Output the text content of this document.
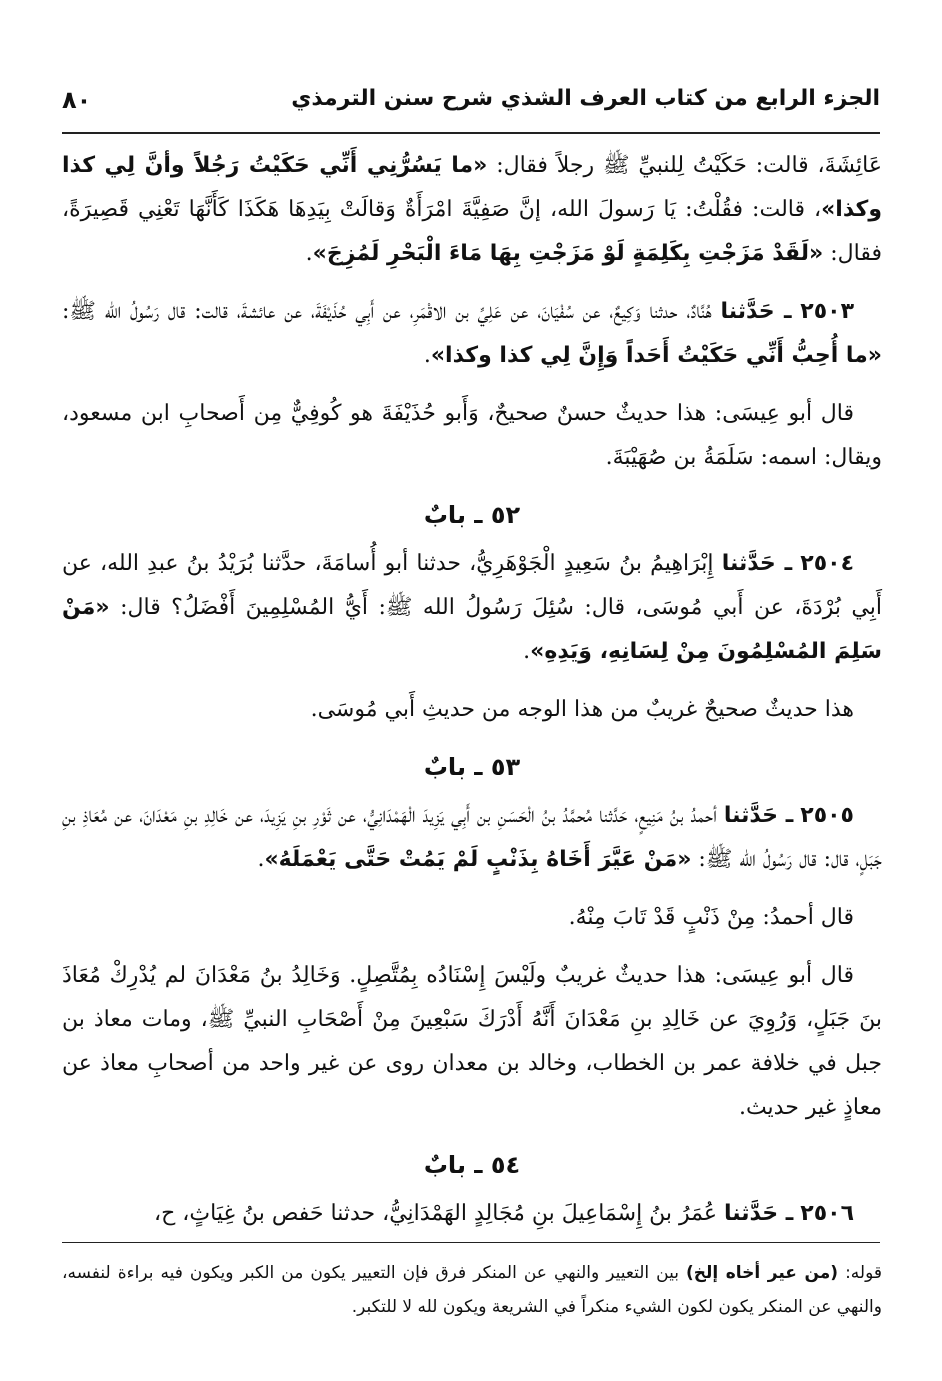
الجزء الرابع من كتاب العرف الشذي شرح سنن الترمذي
٨٠

عَائِشَةَ، قالت: حَكَيْتُ لِلنبيِّ ﷺ رجلاً فقال: «ما يَسُرُّنِي أَنِّي حَكَيْتُ رَجُلاً وأنَّ لِي كذا وكذا»، قالت: فقُلْتُ: يَا رَسولَ الله، إنَّ صَفِيَّةَ امْرَأَةٌ وَقالَتْ بِيَدِهَا هَكَذَا كَأَنَّهَا تَعْنِي قَصِيرَةً، فقال: «لَقَدْ مَزَجْتِ بِكَلِمَةٍ لَوْ مَزَجْتِ بِهَا مَاءَ الْبَحْرِ لَمُزِجَ».

٢٥٠٣ ـ حَدَّثنا هُنَّادٌ، حدثنا وَكِيعٌ، عن سُفْيَانَ، عن عَلِيِّ بن الاقْمَرِ، عن أَبِي حُذَيْفَةَ، عن عائشةَ، قالت: قال رَسُولُ الله ﷺ: «ما أُحِبُّ أَنِّي حَكَيْتُ أَحَداً وَإِنَّ لِي كذا وكذا».

قال أبو عِيسَى: هذا حديثٌ حسنٌ صحيحٌ، وَأَبو حُذَيْفَةَ هو كُوفِيٌّ مِن أَصحابِ ابن مسعود، ويقال: اسمه: سَلَمَةُ بن صُهَيْبَةَ.

٥٢ ـ بابٌ

٢٥٠٤ ـ حَدَّثنا إِبْرَاهِيمُ بنُ سَعِيدٍ الْجَوْهَرِيُّ، حدثنا أبو أُسامَةَ، حدَّثنا بُرَيْدُ بنُ عبدِ الله، عن أَبِي بُرْدَةَ، عن أَبي مُوسَى، قال: سُئِلَ رَسُولُ الله ﷺ: أَيُّ المُسْلِمِينَ أَفْضَلُ؟ قال: «مَنْ سَلِمَ المُسْلِمُونَ مِنْ لِسَانِهِ، وَيَدِهِ».

هذا حديثٌ صحيحٌ غريبٌ من هذا الوجه من حديثِ أَبي مُوسَى.

٥٣ ـ بابٌ

٢٥٠٥ ـ حَدَّثنا أحمدُ بنُ مَنِيعٍ، حَدَّثنا مُحمَّدُ بنُ الْحَسَنِ بن أَبِي يَزِيدَ الْهَمْدَانِيُّ، عن ثَوْرِ بنِ يَزِيدَ، عن خَالِدِ بنِ مَعْدَانَ، عن مُعَاذِ بنِ جَبَلٍ، قال: قال رَسُولُ الله ﷺ: «مَنْ عَيَّرَ أَخَاهُ بِذَنْبٍ لَمْ يَمُتْ حَتَّى يَعْمَلَهُ».

قال أحمدُ: مِنْ ذَنْبٍ قَدْ تَابَ مِنْهُ.

قال أبو عِيسَى: هذا حديثٌ غريبٌ ولَيْسَ إِسْنَادُه بِمُتَّصِلٍ. وَخَالِدُ بنُ مَعْدَانَ لم يُدْرِكْ مُعَاذَ بنَ جَبَلٍ، وَرُوِيَ عن خَالِدِ بنِ مَعْدَانَ أَنَّهُ أَدْرَكَ سَبْعِينَ مِنْ أَصْحَابِ النبيِّ ﷺ، ومات معاذ بن جبل في خلافة عمر بن الخطاب، وخالد بن معدان روى عن غير واحد من أصحابِ معاذ عن معاذٍ غير حديث.

٥٤ ـ بابٌ

٢٥٠٦ ـ حَدَّثنا عُمَرُ بنُ إِسْمَاعِيلَ بنِ مُجَالِدٍ الهَمْدَانِيُّ، حدثنا حَفص بنُ غِيَاثٍ، ح،

قوله: (من عير أخاه إلخ) بين التعيير والنهي عن المنكر فرق فإن التعيير يكون من الكبر ويكون فيه براءة لنفسه، والنهي عن المنكر يكون لكون الشيء منكراً في الشريعة ويكون لله لا للتكبر.
